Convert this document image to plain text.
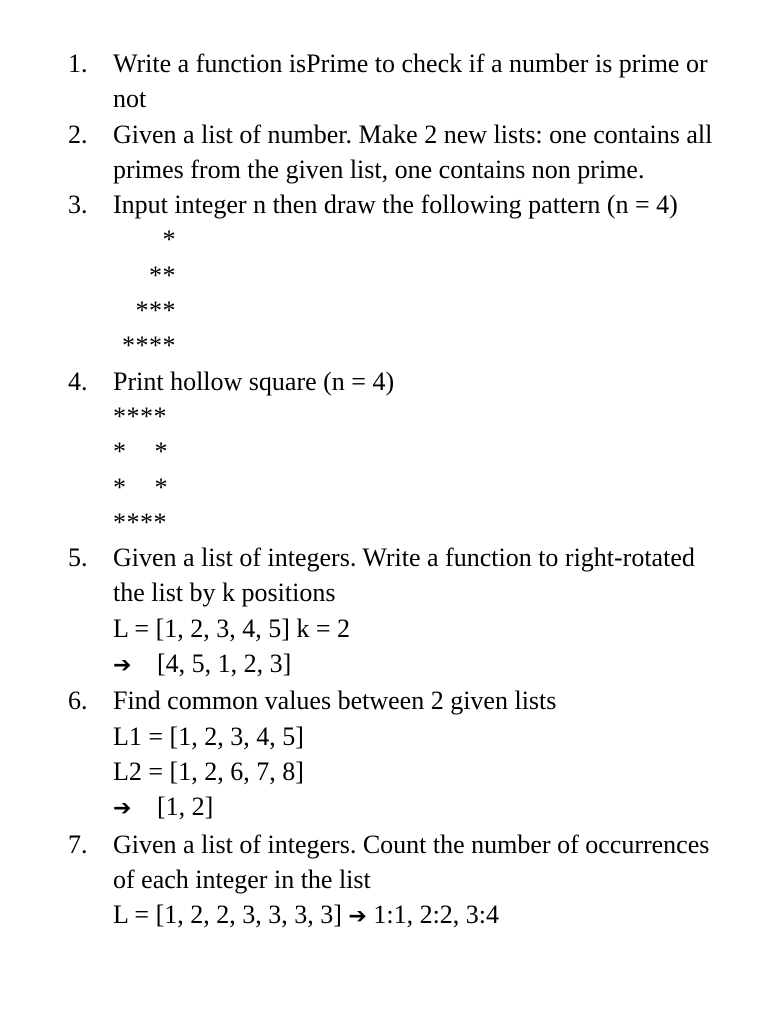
1. Write a function isPrime to check if a number is prime or not
2. Given a list of number. Make 2 new lists: one contains all primes from the given list, one contains non prime.
3. Input integer n then draw the following pattern (n = 4)
*
**
***
****
4. Print hollow square (n = 4)
****
*    *
*    *
****
5. Given a list of integers. Write a function to right-rotated the list by k positions
L = [1, 2, 3, 4, 5] k = 2
➔ [4, 5, 1, 2, 3]
6. Find common values between 2 given lists
L1 = [1, 2, 3, 4, 5]
L2 = [1, 2, 6, 7, 8]
➔ [1, 2]
7. Given a list of integers. Count the number of occurrences of each integer in the list
L = [1, 2, 2, 3, 3, 3, 3] ➔ 1:1, 2:2, 3:4
